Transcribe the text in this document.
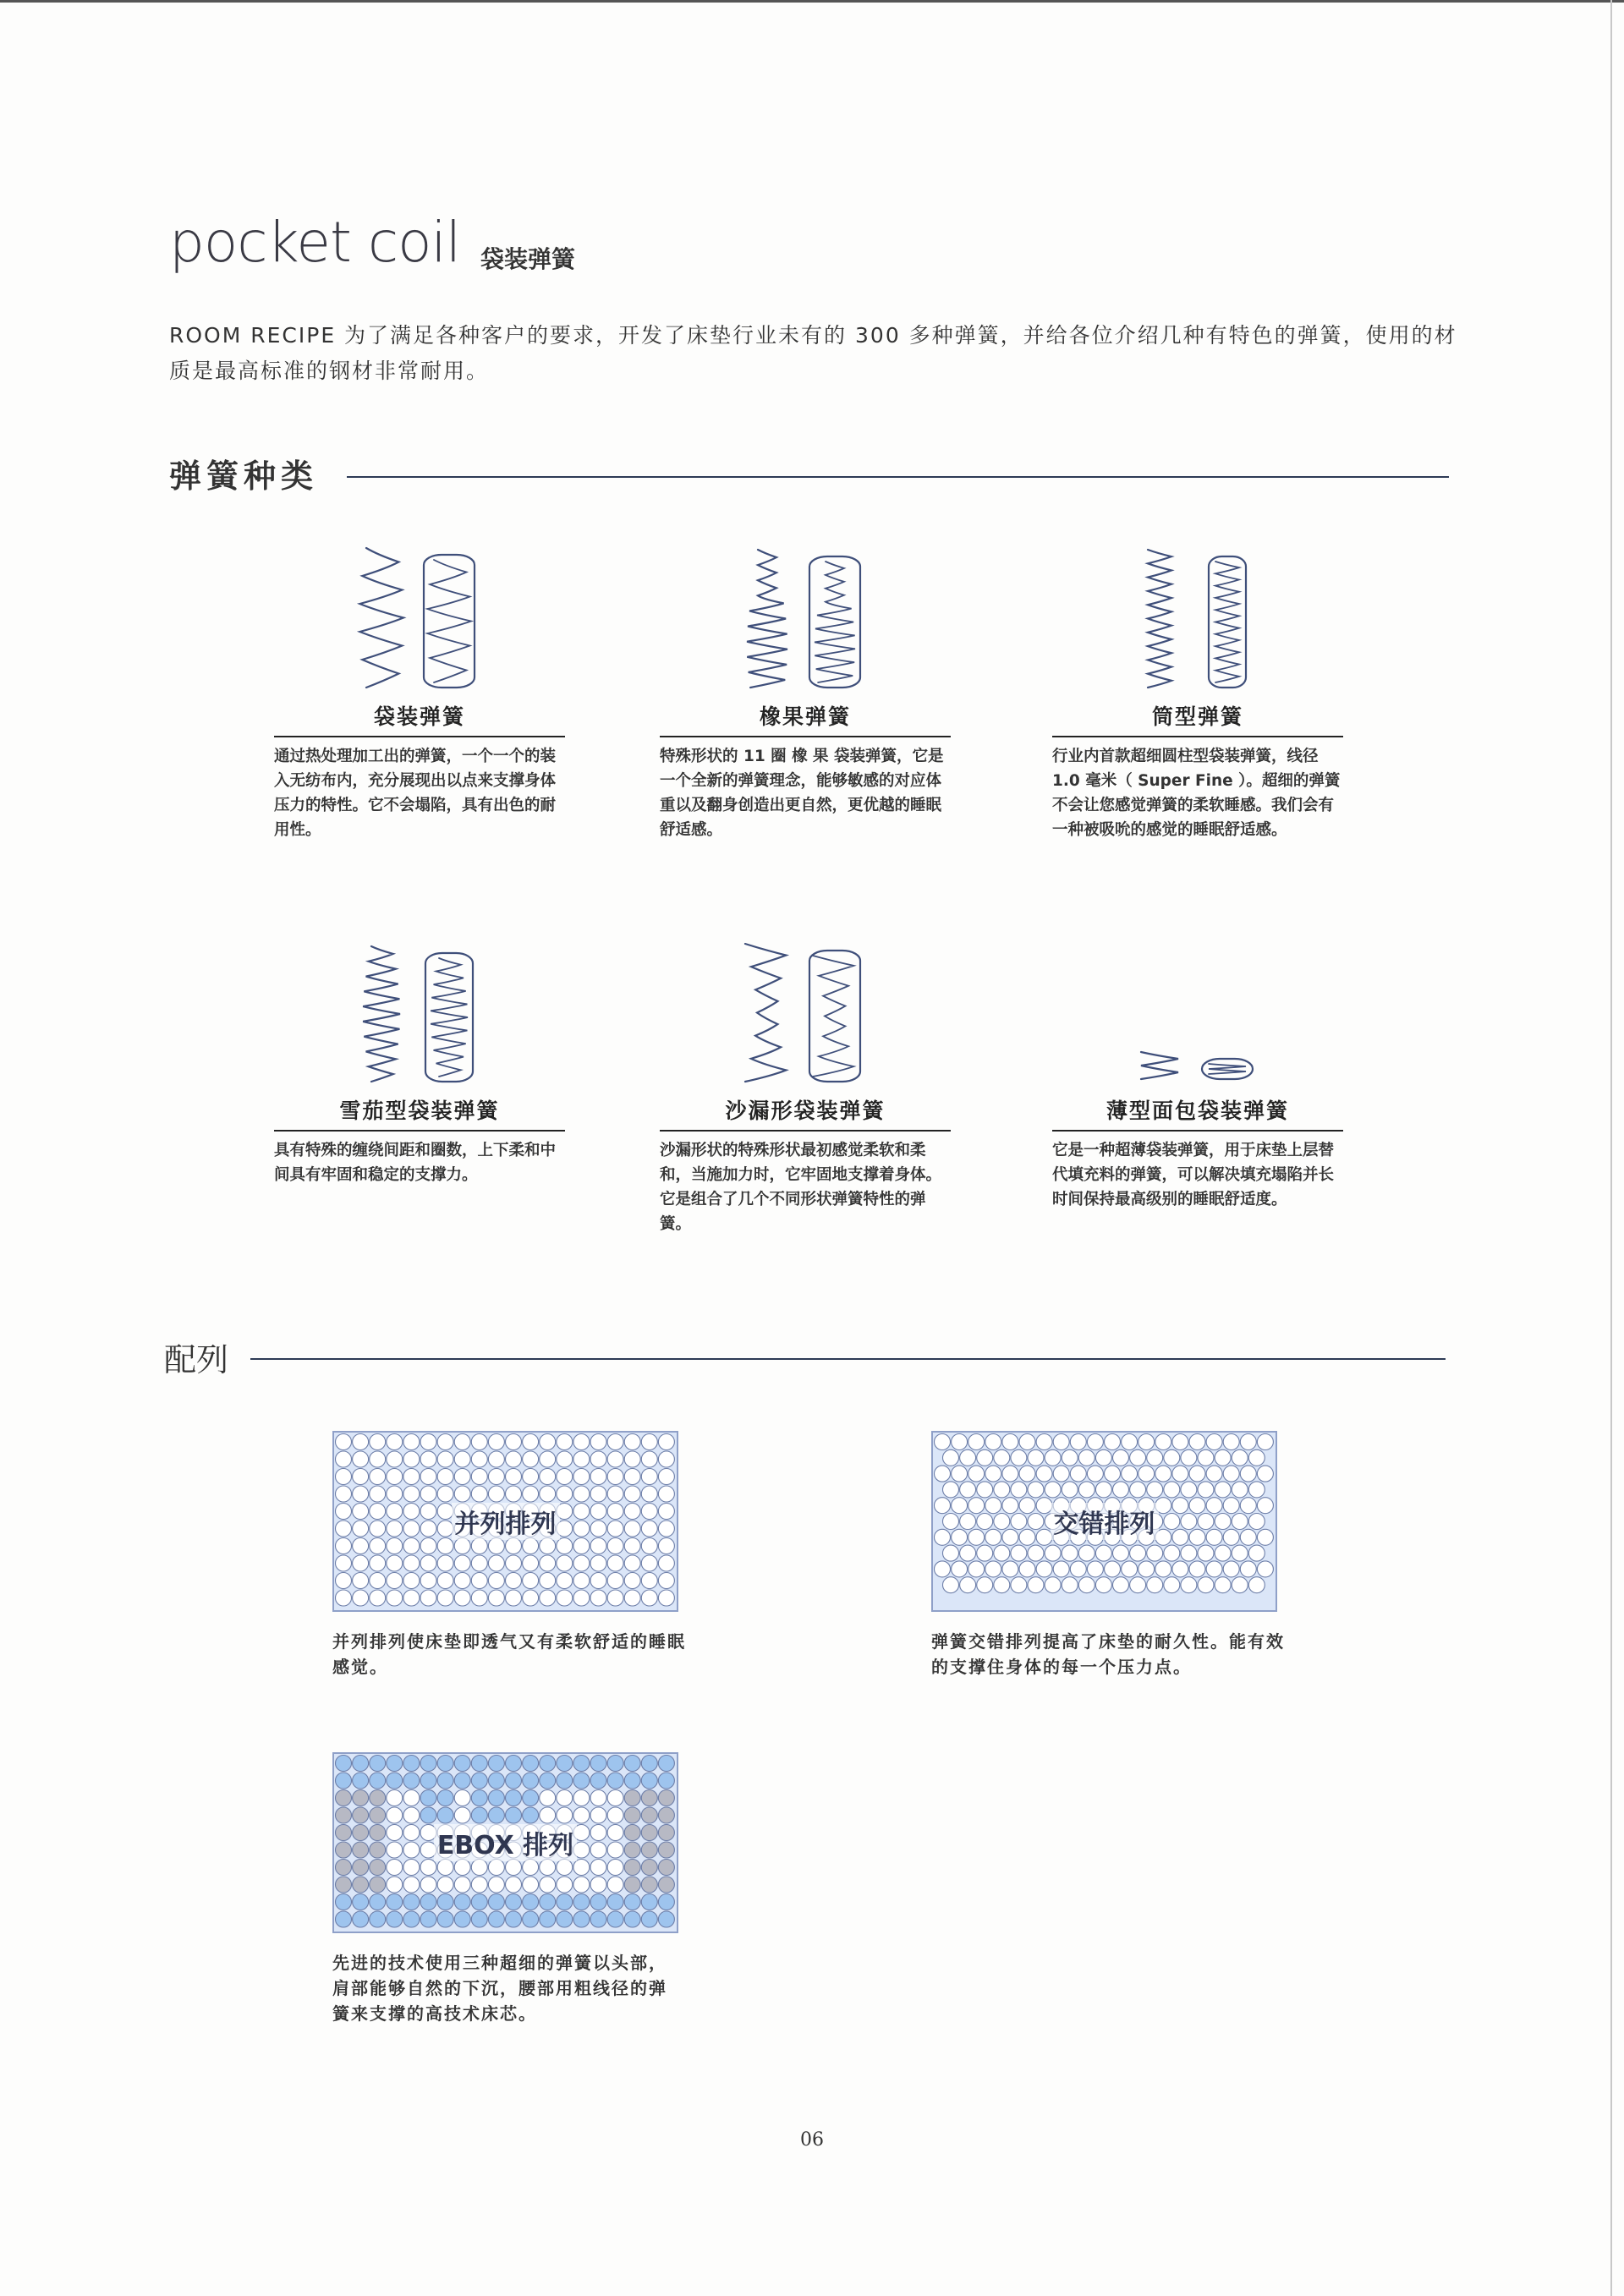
pocket coil 袋装弹簧
ROOM RECIPE 为了满足各种客户的要求，开发了床垫行业未有的 300 多种弹簧，并给各位介绍几种有特色的弹簧，使用的材质是最高标准的钢材非常耐用。
弹簧种类
袋装弹簧
通过热处理加工出的弹簧，一个一个的装入无纺布内，充分展现出以点来支撑身体压力的特性。它不会塌陷，具有出色的耐用性。
橡果弹簧
特殊形状的 11 圈 橡 果 袋装弹簧，它是一个全新的弹簧理念，能够敏感的对应体重以及翻身创造出更自然，更优越的睡眠舒适感。
筒型弹簧
行业内首款超细圆柱型袋装弹簧，线径 1.0 毫米（ Super Fine ）。超细的弹簧不会让您感觉弹簧的柔软睡感。我们会有一种被吸吮的感觉的睡眠舒适感。
雪茄型袋装弹簧
具有特殊的缠绕间距和圈数，上下柔和中间具有牢固和稳定的支撑力。
沙漏形袋装弹簧
沙漏形状的特殊形状最初感觉柔软和柔和，当施加力时，它牢固地支撑着身体。它是组合了几个不同形状弹簧特性的弹簧。
薄型面包袋装弹簧
它是一种超薄袋装弹簧，用于床垫上层替代填充料的弹簧，可以解决填充塌陷并长时间保持最高级别的睡眠舒适度。
配列
并列排列
并列排列使床垫即透气又有柔软舒适的睡眠感觉。
交错排列
弹簧交错排列提高了床垫的耐久性。能有效的支撑住身体的每一个压力点。
EBOX 排列
先进的技术使用三种超细的弹簧以头部，肩部能够自然的下沉，腰部用粗线径的弹簧来支撑的高技术床芯。
06
